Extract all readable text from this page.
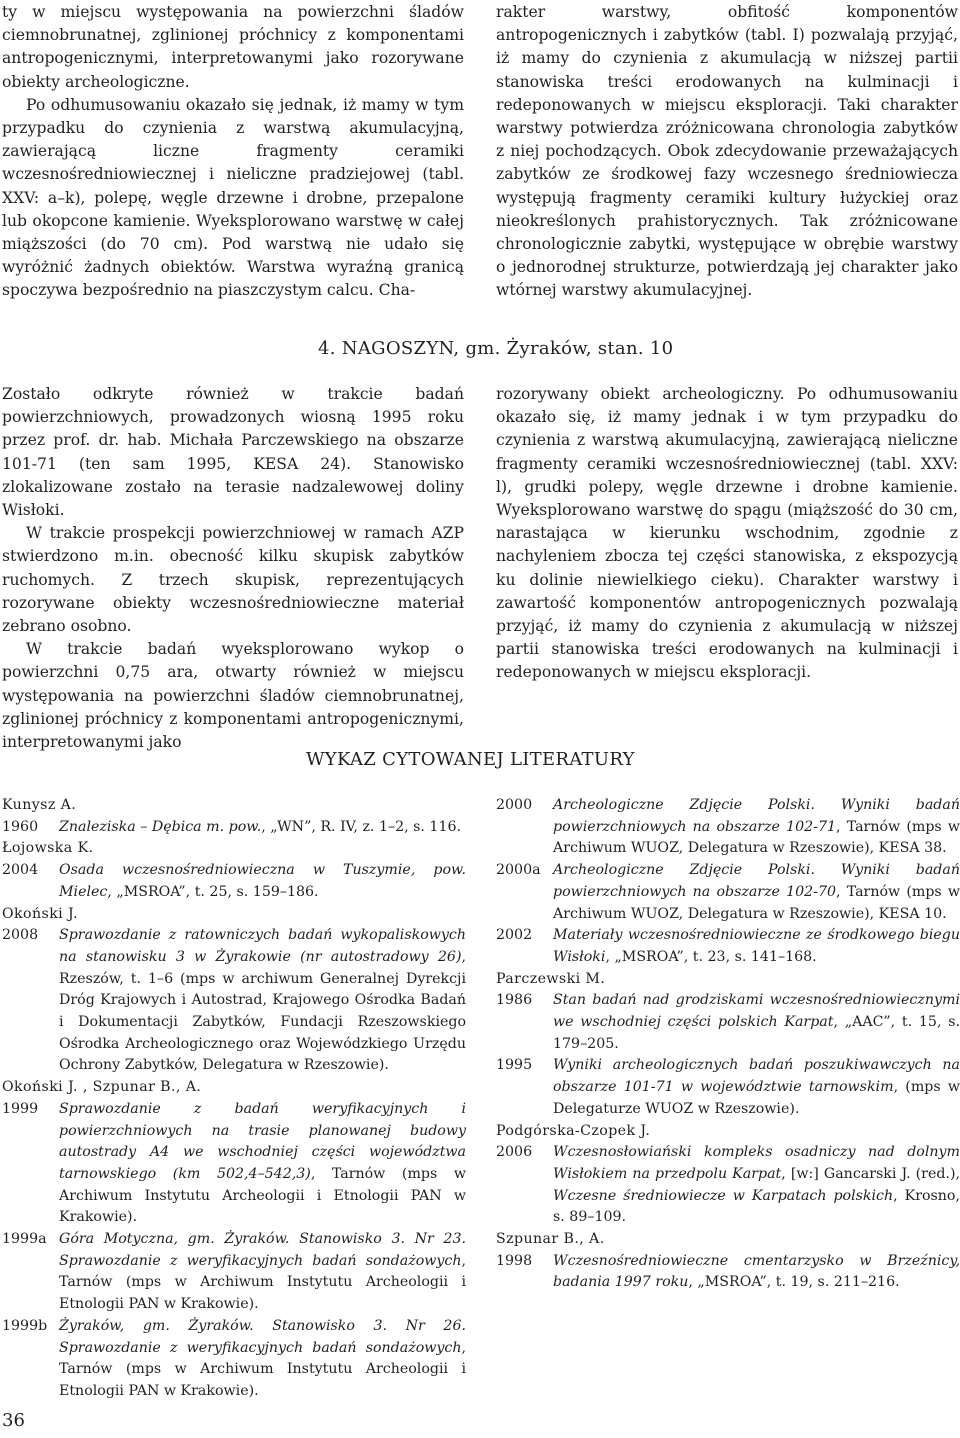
ty w miejscu występowania na powierzchni śladów ciemnobrunatnej, zglinionej próchnicy z komponentami antropogenicznymi, interpretowanymi jako rozorywane obiekty archeologiczne.

Po odhumusowaniu okazało się jednak, iż mamy w tym przypadku do czynienia z warstwą akumulacyjną, zawierającą liczne fragmenty ceramiki wczesnośredniowiecznej i nieliczne pradziejowej (tabl. XXV: a–k), polepę, węgle drzewne i drobne, przepalone lub okopcone kamienie. Wyeksplorowano warstwę w całej miąższości (do 70 cm). Pod warstwą nie udało się wyróżnić żadnych obiektów. Warstwa wyraźną granicą spoczywa bezpośrednio na piaszczystym calcu. Cha-

rakter warstwy, obfitość komponentów antropogenicznych i zabytków (tabl. I) pozwalają przyjąć, iż mamy do czynienia z akumulacją w niższej partii stanowiska treści erodowanych na kulminacji i redeponowanych w miejscu eksploracji. Taki charakter warstwy potwierdza zróżnicowana chronologia zabytków z niej pochodzących. Obok zdecydowanie przeważających zabytków ze środkowej fazy wczesnego średniowiecza występują fragmenty ceramiki kultury łużyckiej oraz nieokreślonych prahistorycznych. Tak zróżnicowane chronologicznie zabytki, występujące w obrębie warstwy o jednorodnej strukturze, potwierdzają jej charakter jako wtórnej warstwy akumulacyjnej.

4. NAGOSZYN, gm. Żyraków, stan. 10

Zostało odkryte również w trakcie badań powierzchniowych, prowadzonych wiosną 1995 roku przez prof. dr. hab. Michała Parczewskiego na obszarze 101-71 (ten sam 1995, KESA 24). Stanowisko zlokalizowane zostało na terasie nadzalewowej doliny Wisłoki.

W trakcie prospekcji powierzchniowej w ramach AZP stwierdzono m.in. obecność kilku skupisk zabytków ruchomych. Z trzech skupisk, reprezentujących rozorywane obiekty wczesnośredniowieczne materiał zebrano osobno.

W trakcie badań wyeksplorowano wykop o powierzchni 0,75 ara, otwarty również w miejscu występowania na powierzchni śladów ciemnobrunatnej, zglinionej próchnicy z komponentami antropogenicznymi, interpretowanymi jako

rozorywany obiekt archeologiczny. Po odhumusowaniu okazało się, iż mamy jednak i w tym przypadku do czynienia z warstwą akumulacyjną, zawierającą nieliczne fragmenty ceramiki wczesnośredniowiecznej (tabl. XXV: l), grudki polepy, węgle drzewne i drobne kamienie. Wyeksplorowano warstwę do spągu (miąższość do 30 cm, narastająca w kierunku wschodnim, zgodnie z nachyleniem zbocza tej części stanowiska, z ekspozycją ku dolinie niewielkiego cieku). Charakter warstwy i zawartość komponentów antropogenicznych pozwalają przyjąć, iż mamy do czynienia z akumulacją w niższej partii stanowiska treści erodowanych na kulminacji i redeponowanych w miejscu eksploracji.

WYKAZ CYTOWANEJ LITERATURY
Kunysz A.
1960	Znaleziska – Dębica m. pow., „WN”, R. IV, z. 1–2, s. 116.
Łojowska K.
2004	Osada wczesnośredniowieczna w Tuszymie, pow. Mielec, „MSROA”, t. 25, s. 159–186.
Okoński J.
2008	Sprawozdanie z ratowniczych badań wykopaliskowych na stanowisku 3 w Żyrakowie (nr autostradowy 26), Rzeszów, t. 1–6 (mps w archiwum Generalnej Dyrekcji Dróg Krajowych i Autostrad, Krajowego Ośrodka Badań i Dokumentacji Zabytków, Fundacji Rzeszowskiego Ośrodka Archeologicznego oraz Wojewódzkiego Urzędu Ochrony Zabytków, Delegatura w Rzeszowie).
Okoński J. , Szpunar B., A.
1999	Sprawozdanie z badań weryfikacyjnych i powierzchniowych na trasie planowanej budowy autostrady A4 we wschodniej części województwa tarnowskiego (km 502,4–542,3), Tarnów (mps w Archiwum Instytutu Archeologii i Etnologii PAN w Krakowie).
1999a Góra Motyczna, gm. Żyraków. Stanowisko 3. Nr 23. Sprawozdanie z weryfikacyjnych badań sondażowych, Tarnów (mps w Archiwum Instytutu Archeologii i Etnologii PAN w Krakowie).
1999b Żyraków, gm. Żyraków. Stanowisko 3. Nr 26. Sprawozdanie z weryfikacyjnych badań sondażowych, Tarnów (mps w Archiwum Instytutu Archeologii i Etnologii PAN w Krakowie).
2000	Archeologiczne Zdjęcie Polski. Wyniki badań powierzchniowych na obszarze 102-71, Tarnów (mps w Archiwum WUOZ, Delegatura w Rzeszowie), KESA 38.
2000a Archeologiczne Zdjęcie Polski. Wyniki badań powierzchniowych na obszarze 102-70, Tarnów (mps w Archiwum WUOZ, Delegatura w Rzeszowie), KESA 10.
2002	Materiały wczesnośredniowieczne ze środkowego biegu Wisłoki, „MSROA”, t. 23, s. 141–168.
Parczewski M.
1986	Stan badań nad grodziskami wczesnośredniowiecznymi we wschodniej części polskich Karpat, „AAC”, t. 15, s. 179–205.
1995	Wyniki archeologicznych badań poszukiwawczych na obszarze 101-71 w województwie tarnowskim, (mps w Delegaturze WUOZ w Rzeszowie).
Podgórska-Czopek J.
2006	Wczesnosłowiański kompleks osadniczy nad dolnym Wisłokiem na przedpolu Karpat, [w:] Gancarski J. (red.), Wczesne średniowiecze w Karpatach polskich, Krosno, s. 89–109.
Szpunar B., A.
1998	Wczesnośredniowieczne cmentarzysko w Brzeźnicy, badania 1997 roku, „MSROA”, t. 19, s. 211–216.
36
